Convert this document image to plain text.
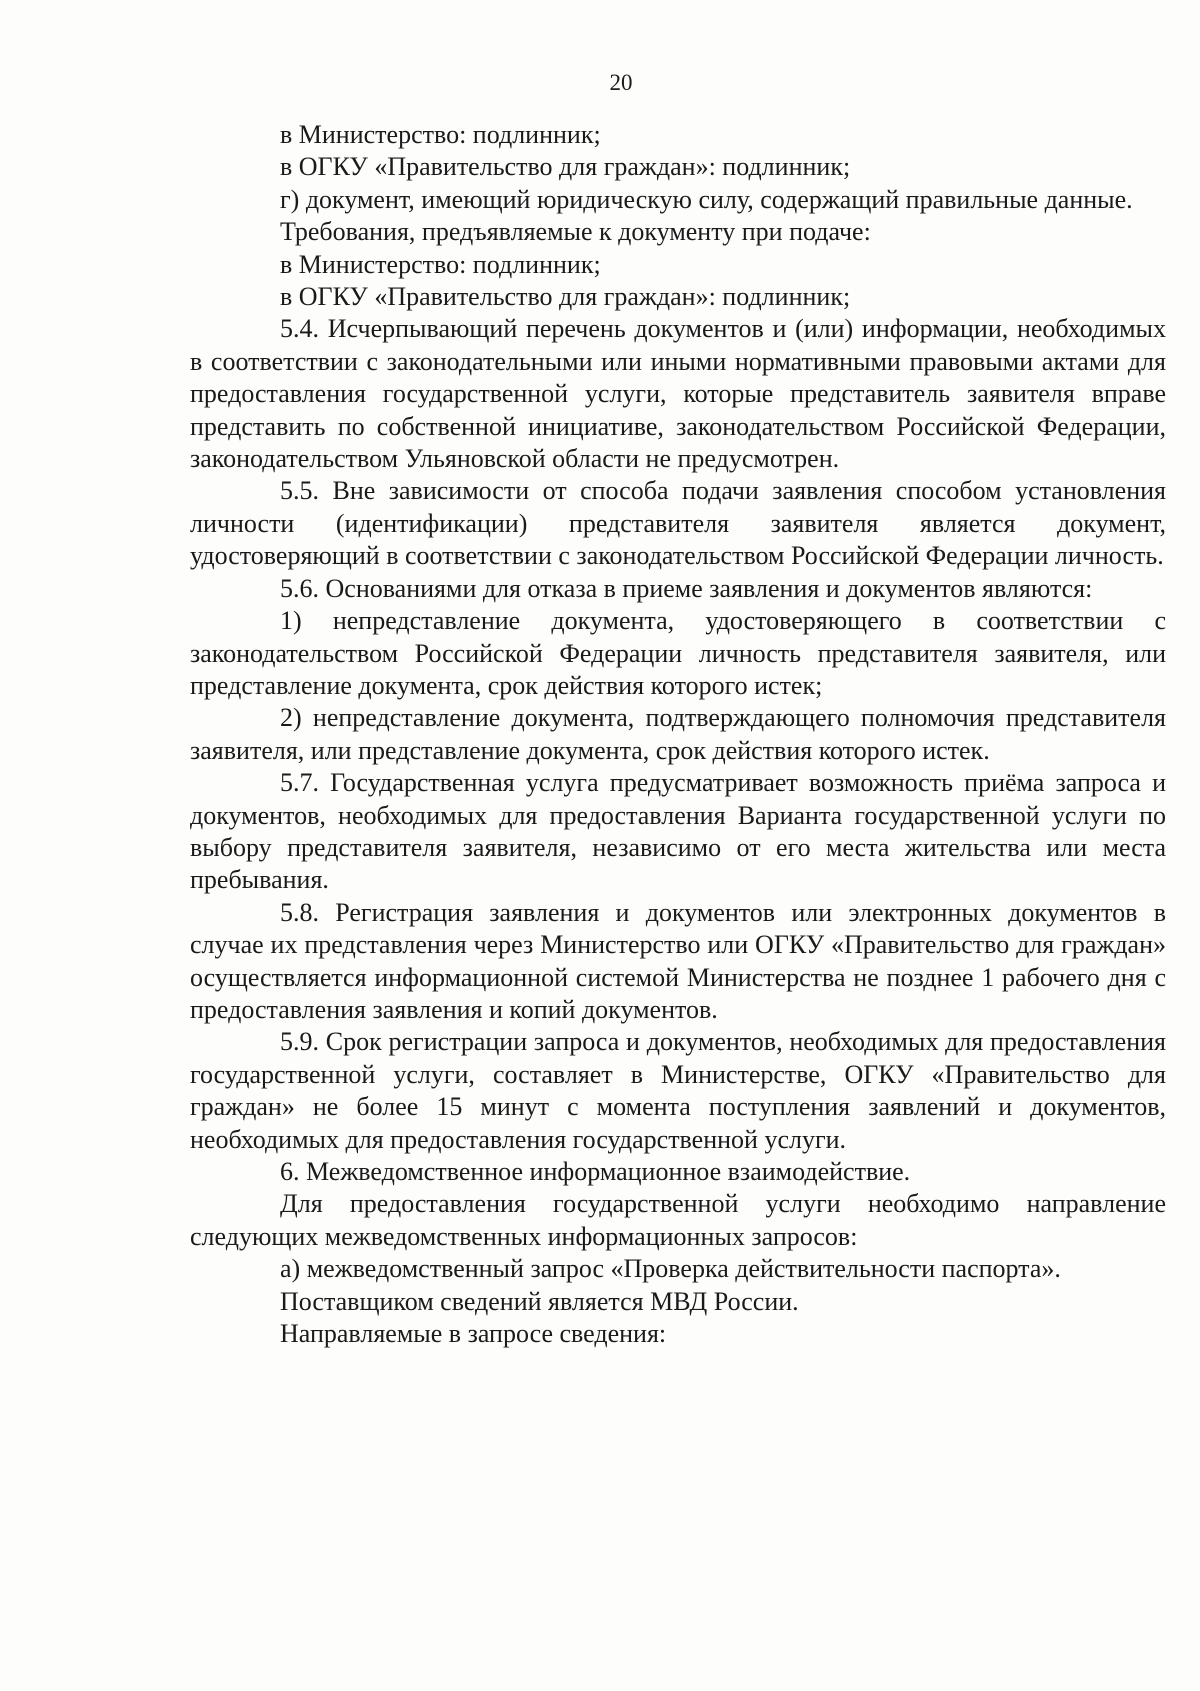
20

в Министерство: подлинник;

в ОГКУ «Правительство для граждан»: подлинник;

г) документ, имеющий юридическую силу, содержащий правильные данные.

Требования, предъявляемые к документу при подаче:

в Министерство: подлинник;

в ОГКУ «Правительство для граждан»: подлинник;

5.4. Исчерпывающий перечень документов и (или) информации, необходимых в соответствии с законодательными или иными нормативными правовыми актами для предоставления государственной услуги, которые представитель заявителя вправе представить по собственной инициативе, законодательством Российской Федерации, законодательством Ульяновской области не предусмотрен.

5.5. Вне зависимости от способа подачи заявления способом установления личности (идентификации) представителя заявителя является документ, удостоверяющий в соответствии с законодательством Российской Федерации личность.

5.6. Основаниями для отказа в приеме заявления и документов являются:

1) непредставление документа, удостоверяющего в соответствии с законодательством Российской Федерации личность представителя заявителя, или представление документа, срок действия которого истек;

2) непредставление документа, подтверждающего полномочия представителя заявителя, или представление документа, срок действия которого истек.

5.7. Государственная услуга предусматривает возможность приёма запроса и документов, необходимых для предоставления Варианта государственной услуги по выбору представителя заявителя, независимо от его места жительства или места пребывания.

5.8. Регистрация заявления и документов или электронных документов в случае их представления через Министерство или ОГКУ «Правительство для граждан» осуществляется информационной системой Министерства не позднее 1 рабочего дня с предоставления заявления и копий документов.

5.9. Срок регистрации запроса и документов, необходимых для предоставления государственной услуги, составляет в Министерстве, ОГКУ «Правительство для граждан» не более 15 минут с момента поступления заявлений и документов, необходимых для предоставления государственной услуги.

6. Межведомственное информационное взаимодействие.

Для предоставления государственной услуги необходимо направление следующих межведомственных информационных запросов:

а) межведомственный запрос «Проверка действительности паспорта».

Поставщиком сведений является МВД России.

Направляемые в запросе сведения:
